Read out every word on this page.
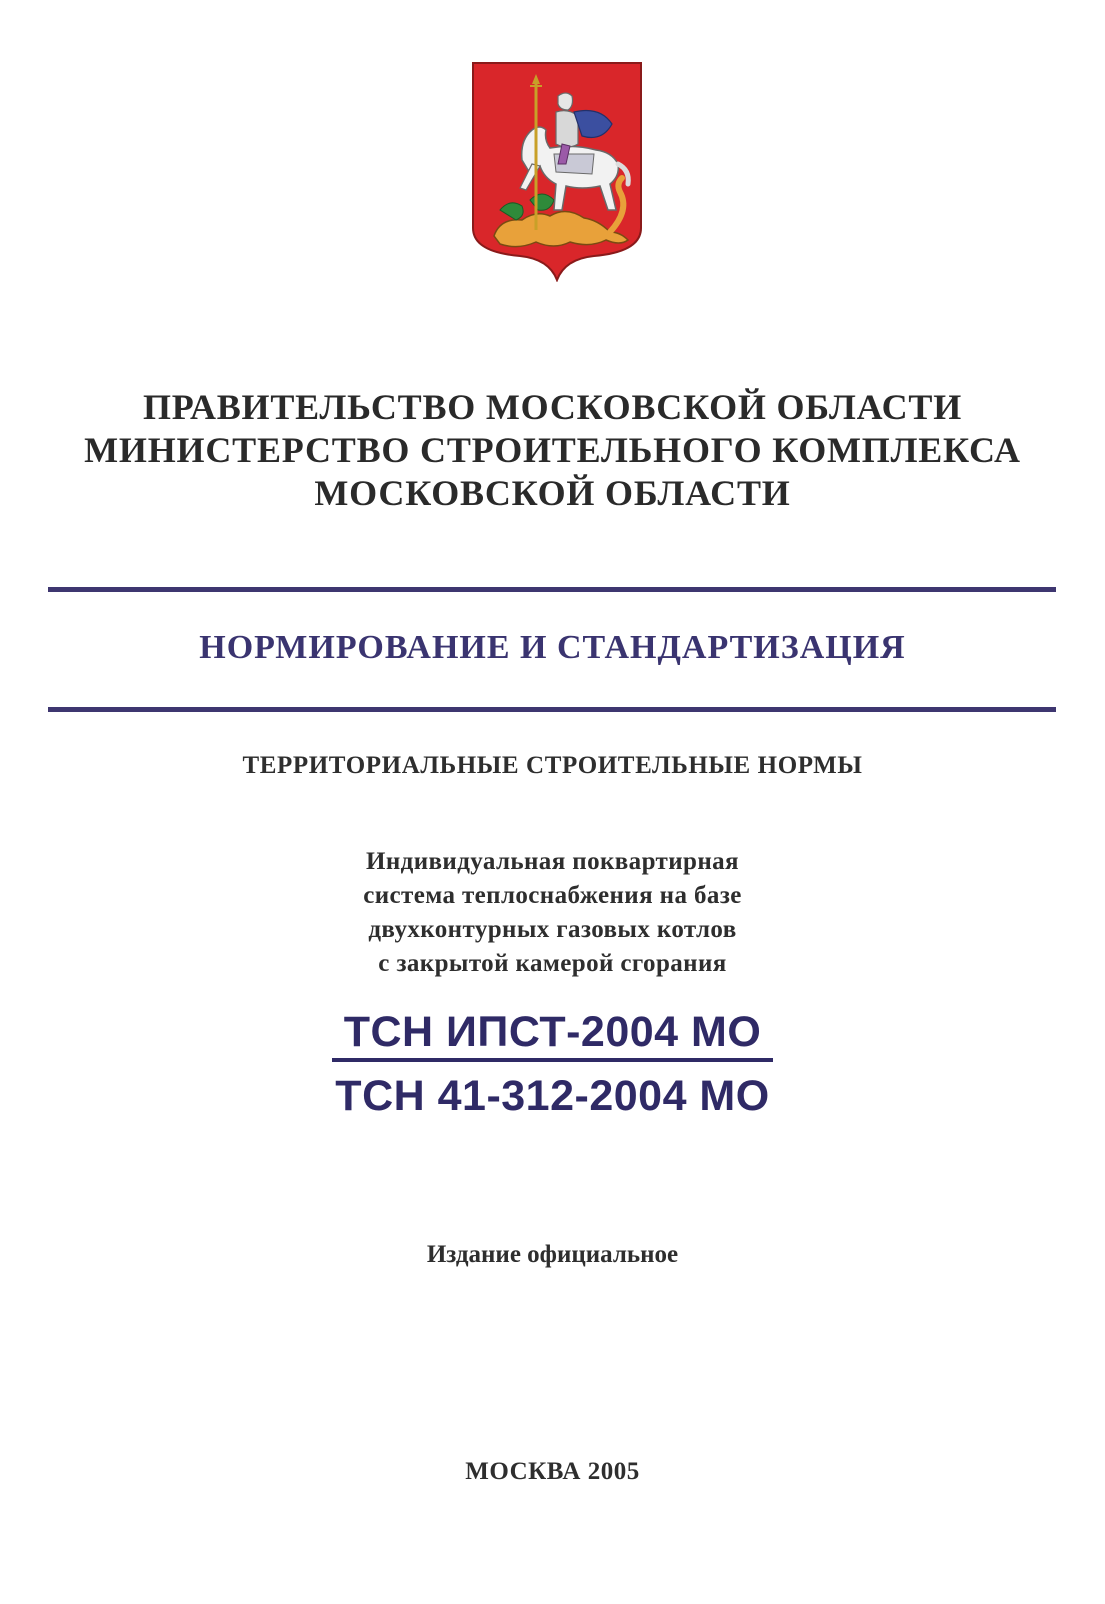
ПРАВИТЕЛЬСТВО МОСКОВСКОЙ ОБЛАСТИ
МИНИСТЕРСТВО СТРОИТЕЛЬНОГО КОМПЛЕКСА
МОСКОВСКОЙ ОБЛАСТИ
НОРМИРОВАНИЕ И СТАНДАРТИЗАЦИЯ
ТЕРРИТОРИАЛЬНЫЕ СТРОИТЕЛЬНЫЕ НОРМЫ
Индивидуальная поквартирная
система теплоснабжения на базе
двухконтурных газовых котлов
с закрытой камерой сгорания
ТСН ИПСТ-2004 МО
ТСН 41-312-2004 МО
Издание официальное
МОСКВА 2005
